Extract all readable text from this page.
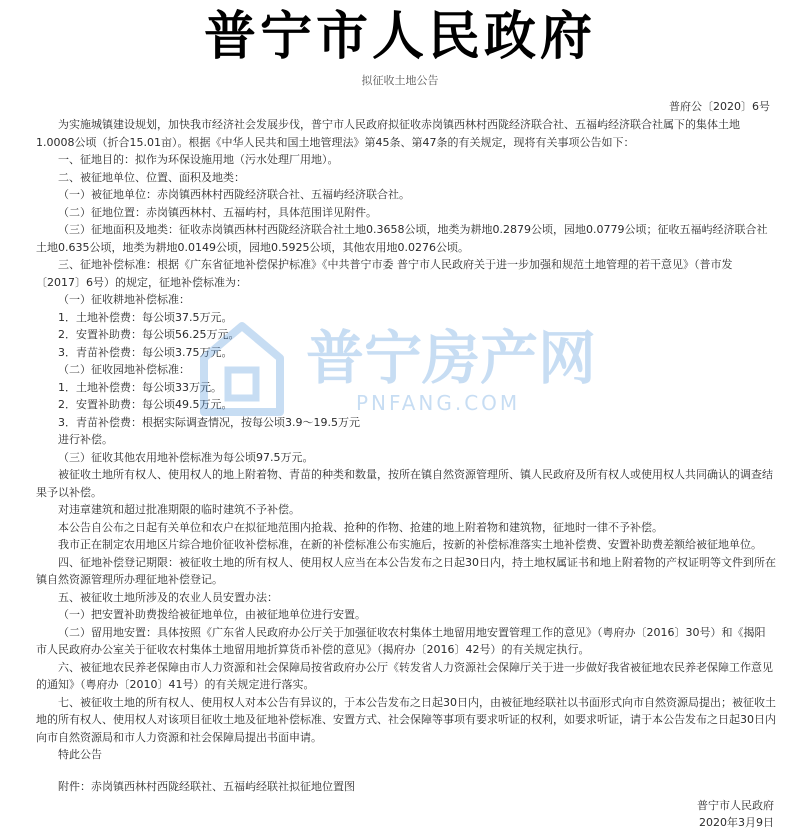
普宁市人民政府
拟征收土地公告
普府公〔2020〕6号

为实施城镇建设规划，加快我市经济社会发展步伐，普宁市人民政府拟征收赤岗镇西林村西陇经济联合社、五福屿经济联合社属下的集体土地1.0008公顷（折合15.01亩）。根据《中华人民共和国土地管理法》第45条、第47条的有关规定，现将有关事项公告如下：

一、征地目的：拟作为环保设施用地（污水处理厂用地）。

二、被征地单位、位置、面积及地类：

（一）被征地单位：赤岗镇西林村西陇经济联合社、五福屿经济联合社。

（二）征地位置：赤岗镇西林村、五福屿村，具体范围详见附件。

（三）征地面积及地类：征收赤岗镇西林村西陇经济联合社土地0.3658公顷，地类为耕地0.2879公顷，园地0.0779公顷；征收五福屿经济联合社土地0.635公顷，地类为耕地0.0149公顷，园地0.5925公顷，其他农用地0.0276公顷。

三、征地补偿标准：根据《广东省征地补偿保护标准》《中共普宁市委 普宁市人民政府关于进一步加强和规范土地管理的若干意见》（普市发〔2017〕6号）的规定，征地补偿标准为：

（一）征收耕地补偿标准：

1．土地补偿费：每公顷37.5万元。

2．安置补助费：每公顷56.25万元。

3．青苗补偿费：每公顷3.75万元。

（二）征收园地补偿标准：

1．土地补偿费：每公顷33万元。

2．安置补助费：每公顷49.5万元。

3．青苗补偿费：根据实际调查情况，按每公顷3.9～19.5万元

进行补偿。

（三）征收其他农用地补偿标准为每公顷97.5万元。

被征收土地所有权人、使用权人的地上附着物、青苗的种类和数量，按所在镇自然资源管理所、镇人民政府及所有权人或使用权人共同确认的调查结果予以补偿。

对违章建筑和超过批准期限的临时建筑不予补偿。

本公告自公布之日起有关单位和农户在拟征地范围内抢栽、抢种的作物、抢建的地上附着物和建筑物，征地时一律不予补偿。

我市正在制定农用地区片综合地价征收补偿标准，在新的补偿标准公布实施后，按新的补偿标准落实土地补偿费、安置补助费差额给被征地单位。

四、征地补偿登记期限：被征收土地的所有权人、使用权人应当在本公告发布之日起30日内，持土地权属证书和地上附着物的产权证明等文件到所在镇自然资源管理所办理征地补偿登记。

五、被征收土地所涉及的农业人员安置办法：

（一）把安置补助费拨给被征地单位，由被征地单位进行安置。

（二）留用地安置：具体按照《广东省人民政府办公厅关于加强征收农村集体土地留用地安置管理工作的意见》（粤府办〔2016〕30号）和《揭阳市人民政府办公室关于征收农村集体土地留用地折算货币补偿的意见》（揭府办〔2016〕42号）的有关规定执行。

六、被征地农民养老保障由市人力资源和社会保障局按省政府办公厅《转发省人力资源社会保障厅关于进一步做好我省被征地农民养老保障工作意见的通知》（粤府办〔2010〕41号）的有关规定进行落实。

七、被征收土地的所有权人、使用权人对本公告有异议的，于本公告发布之日起30日内，由被征地经联社以书面形式向市自然资源局提出；被征收土地的所有权人、使用权人对该项目征收土地及征地补偿标准、安置方式、社会保障等事项有要求听证的权利，如要求听证，请于本公告发布之日起30日内向市自然资源局和市人力资源和社会保障局提出书面申请。

特此公告

附件：赤岗镇西林村西陇经联社、五福屿经联社拟征地位置图
普宁市人民政府
2020年3月9日
普宁房产网
PNFANG.COM
